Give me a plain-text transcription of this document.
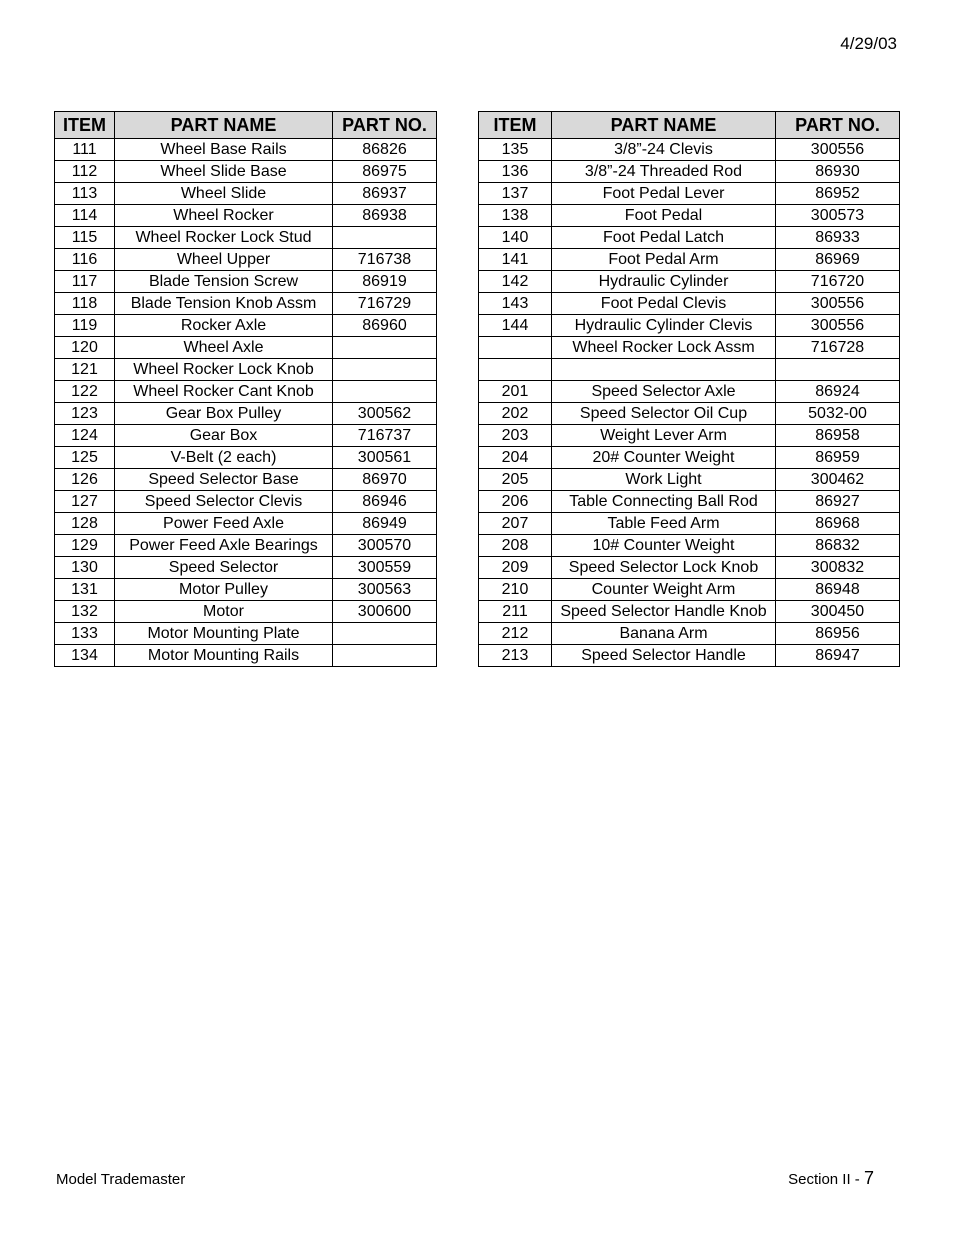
4/29/03
ITEM	PART NAME	PART NO.
111	Wheel Base Rails	86826
112	Wheel Slide Base	86975
113	Wheel Slide	86937
114	Wheel Rocker	86938
115	Wheel Rocker Lock Stud	
116	Wheel Upper	716738
117	Blade Tension Screw	86919
118	Blade Tension Knob Assm	716729
119	Rocker Axle	86960
120	Wheel Axle	
121	Wheel Rocker Lock Knob	
122	Wheel Rocker Cant Knob	
123	Gear Box Pulley	300562
124	Gear Box	716737
125	V-Belt (2 each)	300561
126	Speed Selector Base	86970
127	Speed Selector Clevis	86946
128	Power Feed Axle	86949
129	Power Feed Axle Bearings	300570
130	Speed Selector	300559
131	Motor Pulley	300563
132	Motor	300600
133	Motor Mounting Plate	
134	Motor Mounting Rails	
ITEM	PART NAME	PART NO.
135	3/8”-24 Clevis	300556
136	3/8”-24 Threaded Rod	86930
137	Foot Pedal Lever	86952
138	Foot Pedal	300573
140	Foot Pedal Latch	86933
141	Foot Pedal Arm	86969
142	Hydraulic Cylinder	716720
143	Foot Pedal Clevis	300556
144	Hydraulic Cylinder Clevis	300556
	Wheel Rocker Lock Assm	716728

201	Speed Selector Axle	86924
202	Speed Selector Oil Cup	5032-00
203	Weight Lever Arm	86958
204	20# Counter Weight	86959
205	Work Light	300462
206	Table Connecting Ball Rod	86927
207	Table Feed Arm	86968
208	10# Counter Weight	86832
209	Speed Selector Lock Knob	300832
210	Counter Weight Arm	86948
211	Speed Selector Handle Knob	300450
212	Banana Arm	86956
213	Speed Selector Handle	86947
Model Trademaster	Section II - 7
